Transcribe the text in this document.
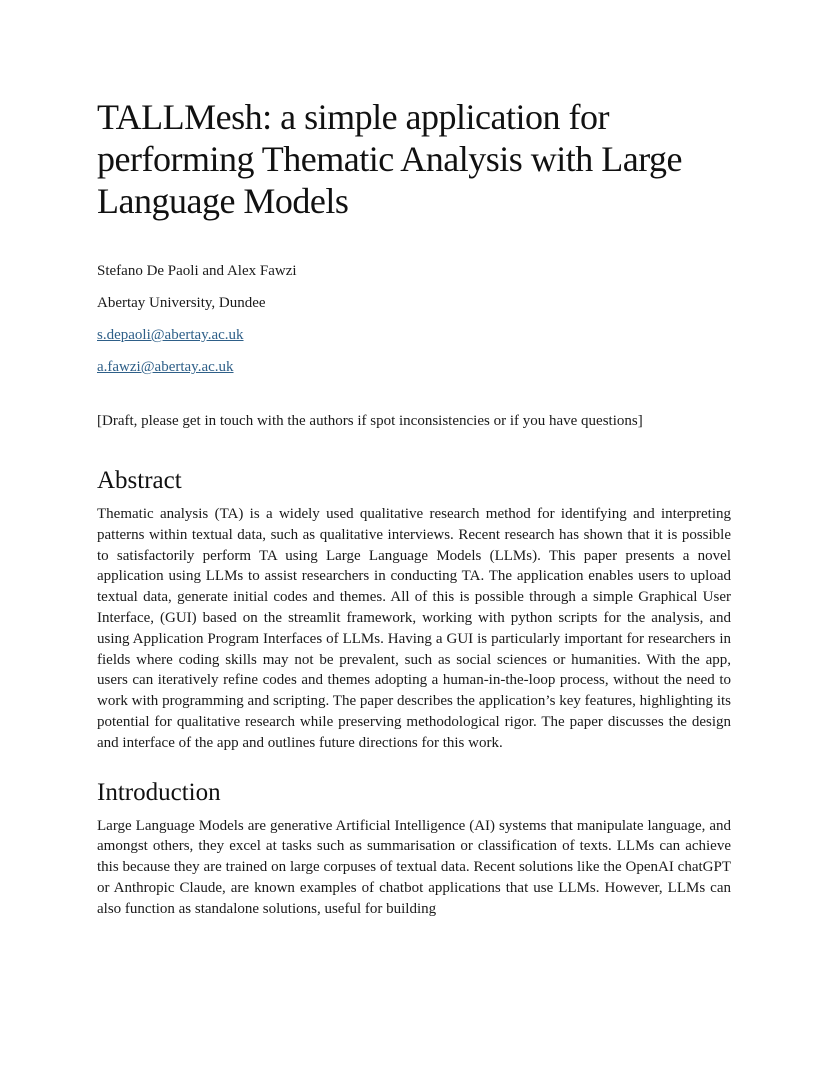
TALLMesh: a simple application for performing Thematic Analysis with Large Language Models

Stefano De Paoli and Alex Fawzi

Abertay University, Dundee

s.depaoli@abertay.ac.uk

a.fawzi@abertay.ac.uk

[Draft, please get in touch with the authors if spot inconsistencies or if you have questions]

Abstract

Thematic analysis (TA) is a widely used qualitative research method for identifying and interpreting patterns within textual data, such as qualitative interviews. Recent research has shown that it is possible to satisfactorily perform TA using Large Language Models (LLMs). This paper presents a novel application using LLMs to assist researchers in conducting TA. The application enables users to upload textual data, generate initial codes and themes. All of this is possible through a simple Graphical User Interface, (GUI) based on the streamlit framework, working with python scripts for the analysis, and using Application Program Interfaces of LLMs. Having a GUI is particularly important for researchers in fields where coding skills may not be prevalent, such as social sciences or humanities. With the app, users can iteratively refine codes and themes adopting a human-in-the-loop process, without the need to work with programming and scripting. The paper describes the application’s key features, highlighting its potential for qualitative research while preserving methodological rigor. The paper discusses the design and interface of the app and outlines future directions for this work.

Introduction

Large Language Models are generative Artificial Intelligence (AI) systems that manipulate language, and amongst others, they excel at tasks such as summarisation or classification of texts. LLMs can achieve this because they are trained on large corpuses of textual data. Recent solutions like the OpenAI chatGPT or Anthropic Claude, are known examples of chatbot applications that use LLMs. However, LLMs can also function as standalone solutions, useful for building
